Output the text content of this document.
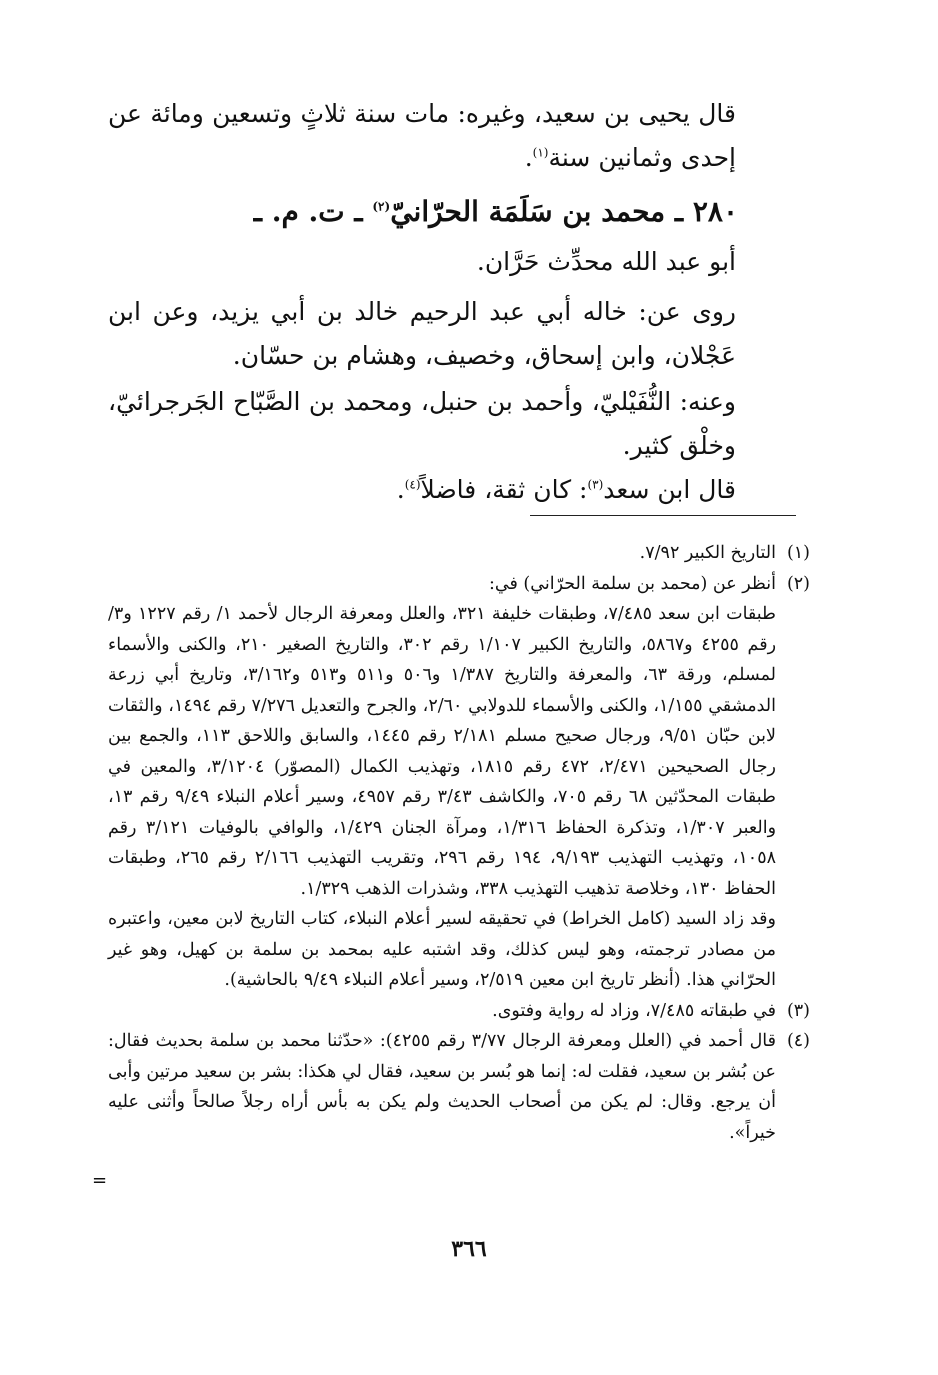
قال يحيى بن سعيد، وغيره: مات سنة ثلاثٍ وتسعين ومائة عن إحدى وثمانين سنة$^{(١)}$.

٢٨٠ ـ محمد بن سَلَمَة الحرّانيّ$^{(٢)}$ ـ ت. م. ـ

أبو عبد الله محدِّث حَرَّان.

روى عن: خاله أبي عبد الرحيم خالد بن أبي يزيد، وعن ابن عَجْلان، وابن إسحاق، وخصيف، وهشام بن حسّان.

وعنه: النُّفَيْليّ، وأحمد بن حنبل، ومحمد بن الصَّبّاح الجَرجرائيّ، وخلْق كثير.

قال ابن سعد$^{(٣)}$: كان ثقة، فاضلاً$^{(٤)}$.

(١)
التاريخ الكبير ٧/٩٢.
(٢)
أنظر عن (محمد بن سلمة الحرّاني) في:

طبقات ابن سعد ٧/٤٨٥، وطبقات خليفة ٣٢١، والعلل ومعرفة الرجال لأحمد ١/ رقم ١٢٢٧ و٣/ رقم ٤٢٥٥ و٥٨٦٧، والتاريخ الكبير ١/١٠٧ رقم ٣٠٢، والتاريخ الصغير ٢١٠، والكنى والأسماء لمسلم، ورقة ٦٣، والمعرفة والتاريخ ١/٣٨٧ و٥٠٦ و٥١١ و٥١٣ و٣/١٦٢، وتاريخ أبي زرعة الدمشقي ١/١٥٥، والكنى والأسماء للدولابي ٢/٦٠، والجرح والتعديل ٧/٢٧٦ رقم ١٤٩٤، والثقات لابن حبّان ٩/٥١، ورجال صحيح مسلم ٢/١٨١ رقم ١٤٤٥، والسابق واللاحق ١١٣، والجمع بين رجال الصحيحين ٢/٤٧١، ٤٧٢ رقم ١٨١٥، وتهذيب الكمال (المصوّر) ٣/١٢٠٤، والمعين في طبقات المحدّثين ٦٨ رقم ٧٠٥، والكاشف ٣/٤٣ رقم ٤٩٥٧، وسير أعلام النبلاء ٩/٤٩ رقم ١٣، والعبر ١/٣٠٧، وتذكرة الحفاظ ١/٣١٦، ومرآة الجنان ١/٤٢٩، والوافي بالوفيات ٣/١٢١ رقم ١٠٥٨، وتهذيب التهذيب ٩/١٩٣، ١٩٤ رقم ٢٩٦، وتقريب التهذيب ٢/١٦٦ رقم ٢٦٥، وطبقات الحفاظ ١٣٠، وخلاصة تذهيب التهذيب ٣٣٨، وشذرات الذهب ١/٣٢٩.

وقد زاد السيد (كامل الخراط) في تحقيقه لسير أعلام النبلاء، كتاب التاريخ لابن معين، واعتبره من مصادر ترجمته، وهو ليس كذلك، وقد اشتبه عليه بمحمد بن سلمة بن كهيل، وهو غير الحرّاني هذا. (أنظر تاريخ ابن معين ٢/٥١٩، وسير أعلام النبلاء ٩/٤٩ بالحاشية).

(٣)
في طبقاته ٧/٤٨٥، وزاد له رواية وفتوى.
(٤)
قال أحمد في (العلل ومعرفة الرجال ٣/٧٧ رقم ٤٢٥٥): «حدّثنا محمد بن سلمة بحديث فقال: عن بُشر بن سعيد، فقلت له: إنما هو بُسر بن سعيد، فقال لي هكذا: بشر بن سعيد مرتين وأبى أن يرجع. وقال: لم يكن من أصحاب الحديث ولم يكن به بأس أراه رجلاً صالحاً وأثنى عليه خيراً».
=
٣٦٦
